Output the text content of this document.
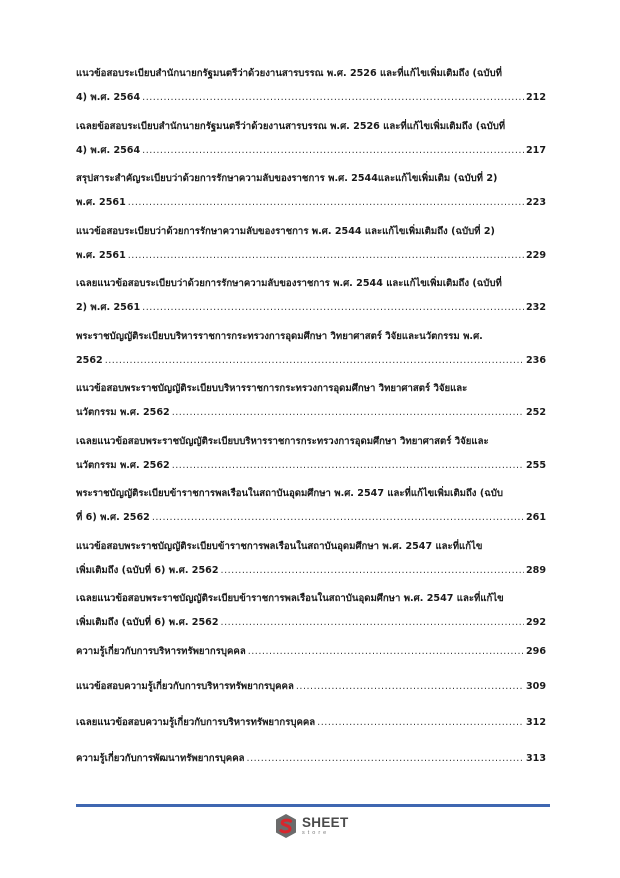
แนวข้อสอบระเบียบสำนักนายกรัฐมนตรีว่าด้วยงานสารบรรณ พ.ศ. 2526 และที่แก้ไขเพิ่มเติมถึง (ฉบับที่
4) พ.ศ. 2564 .....	212
เฉลยข้อสอบระเบียบสำนักนายกรัฐมนตรีว่าด้วยงานสารบรรณ พ.ศ. 2526 และที่แก้ไขเพิ่มเติมถึง (ฉบับที่
4) พ.ศ. 2564 .....	217
สรุปสาระสำคัญระเบียบว่าด้วยการรักษาความลับของราชการ พ.ศ. 2544และแก้ไขเพิ่มเติม (ฉบับที่ 2)
พ.ศ. 2561 .....	223
แนวข้อสอบระเบียบว่าด้วยการรักษาความลับของราชการ พ.ศ. 2544 และแก้ไขเพิ่มเติมถึง (ฉบับที่ 2)
พ.ศ. 2561 .....	229
เฉลยแนวข้อสอบระเบียบว่าด้วยการรักษาความลับของราชการ พ.ศ. 2544 และแก้ไขเพิ่มเติมถึง (ฉบับที่
2) พ.ศ. 2561 .....	232
พระราชบัญญัติระเบียบบริหารราชการกระทรวงการอุดมศึกษา วิทยาศาสตร์ วิจัยและนวัตกรรม พ.ศ.
2562 .....	236
แนวข้อสอบพระราชบัญญัติระเบียบบริหารราชการกระทรวงการอุดมศึกษา วิทยาศาสตร์ วิจัยและ
นวัตกรรม พ.ศ. 2562 .....	252
เฉลยแนวข้อสอบพระราชบัญญัติระเบียบบริหารราชการกระทรวงการอุดมศึกษา วิทยาศาสตร์ วิจัยและ
นวัตกรรม พ.ศ. 2562 .....	255
พระราชบัญญัติระเบียบข้าราชการพลเรือนในสถาบันอุดมศึกษา พ.ศ. 2547 และที่แก้ไขเพิ่มเติมถึง (ฉบับ
ที่ 6) พ.ศ. 2562 .....	261
แนวข้อสอบพระราชบัญญัติระเบียบข้าราชการพลเรือนในสถาบันอุดมศึกษา พ.ศ. 2547 และที่แก้ไข
เพิ่มเติมถึง (ฉบับที่ 6) พ.ศ. 2562 .....	289
เฉลยแนวข้อสอบพระราชบัญญัติระเบียบข้าราชการพลเรือนในสถาบันอุดมศึกษา พ.ศ. 2547 และที่แก้ไข
เพิ่มเติมถึง (ฉบับที่ 6) พ.ศ. 2562 .....	292
ความรู้เกี่ยวกับการบริหารทรัพยากรบุคคล .....	296
แนวข้อสอบความรู้เกี่ยวกับการบริหารทรัพยากรบุคคล .....	309
เฉลยแนวข้อสอบความรู้เกี่ยวกับการบริหารทรัพยากรบุคคล .....	312
ความรู้เกี่ยวกับการพัฒนาทรัพยากรบุคคล .....	313
SHEET
store
